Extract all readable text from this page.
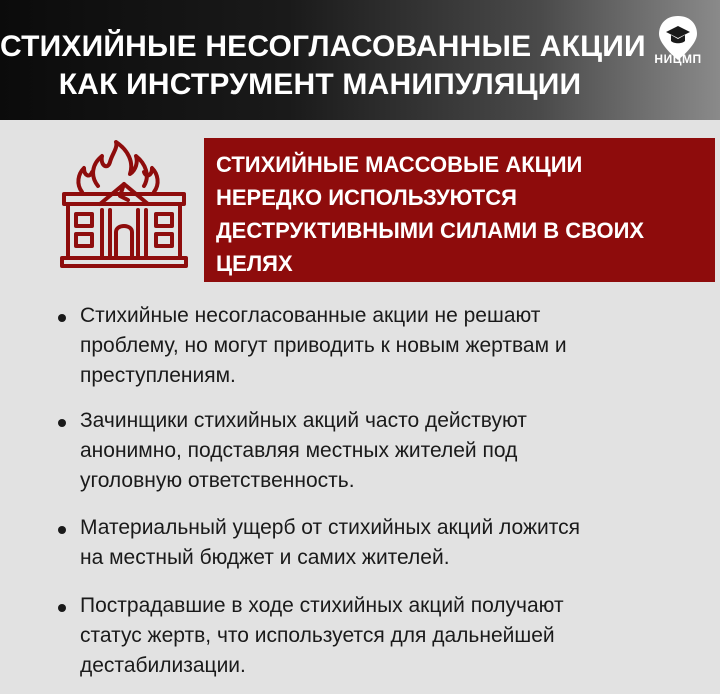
СТИХИЙНЫЕ НЕСОГЛАСОВАННЫЕ АКЦИИ
КАК ИНСТРУМЕНТ МАНИПУЛЯЦИИ
НИЦМП
СТИХИЙНЫЕ МАССОВЫЕ АКЦИИ
НЕРЕДКО ИСПОЛЬЗУЮТСЯ
ДЕСТРУКТИВНЫМИ СИЛАМИ В СВОИХ
ЦЕЛЯХ
Стихийные несогласованные акции не решают
проблему, но могут приводить к новым жертвам и
преступлениям.
Зачинщики стихийных акций часто действуют
анонимно, подставляя местных жителей под
уголовную ответственность.
Материальный ущерб от стихийных акций ложится
на местный бюджет и самих жителей.
Пострадавшие в ходе стихийных акций получают
статус жертв, что используется для дальнейшей
дестабилизации.
